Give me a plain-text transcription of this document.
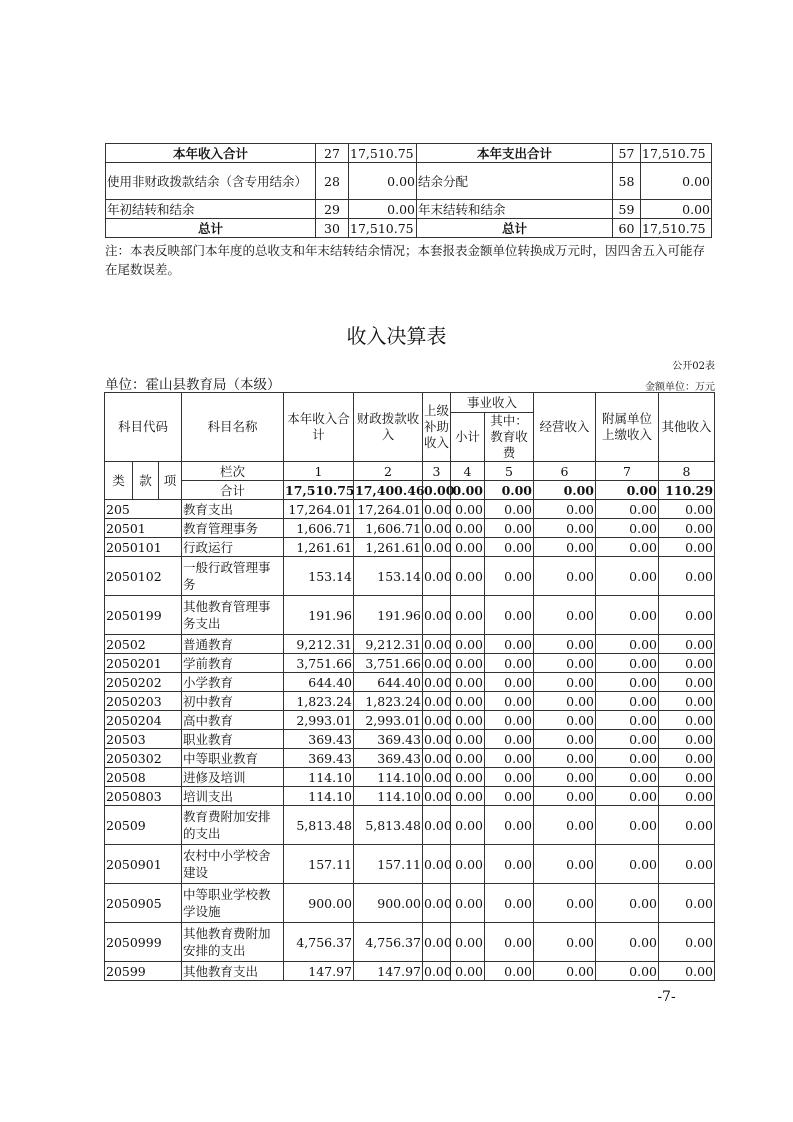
本年收入合计	27	17,510.75	本年支出合计	57	17,510.75
使用非财政拨款结余（含专用结余）	28	0.00	结余分配	58	0.00
年初结转和结余	29	0.00	年末结转和结余	59	0.00
总计	30	17,510.75	总计	60	17,510.75
注：本表反映部门本年度的总收支和年末结转结余情况；本套报表金额单位转换成万元时，因四舍五入可能存在尾数误差。
收入决算表
公开02表
单位：霍山县教育局（本级）	金额单位：万元
科目代码			科目名称	本年收入合计	财政拨款收入	上级补助收入	事业收入		经营收入	附属单位上缴收入	其他收入
							小计	其中：教育收费			
类	款	项	栏次	1	2	3	4	5	6	7	8
			合计	17,510.75	17,400.46	0.00	0.00	0.00	0.00	0.00	110.29
205			教育支出	17,264.01	17,264.01	0.00	0.00	0.00	0.00	0.00	0.00
20501			教育管理事务	1,606.71	1,606.71	0.00	0.00	0.00	0.00	0.00	0.00
2050101			行政运行	1,261.61	1,261.61	0.00	0.00	0.00	0.00	0.00	0.00
2050102			一般行政管理事务	153.14	153.14	0.00	0.00	0.00	0.00	0.00	0.00
2050199			其他教育管理事务支出	191.96	191.96	0.00	0.00	0.00	0.00	0.00	0.00
20502			普通教育	9,212.31	9,212.31	0.00	0.00	0.00	0.00	0.00	0.00
2050201			学前教育	3,751.66	3,751.66	0.00	0.00	0.00	0.00	0.00	0.00
2050202			小学教育	644.40	644.40	0.00	0.00	0.00	0.00	0.00	0.00
2050203			初中教育	1,823.24	1,823.24	0.00	0.00	0.00	0.00	0.00	0.00
2050204			高中教育	2,993.01	2,993.01	0.00	0.00	0.00	0.00	0.00	0.00
20503			职业教育	369.43	369.43	0.00	0.00	0.00	0.00	0.00	0.00
2050302			中等职业教育	369.43	369.43	0.00	0.00	0.00	0.00	0.00	0.00
20508			进修及培训	114.10	114.10	0.00	0.00	0.00	0.00	0.00	0.00
2050803			培训支出	114.10	114.10	0.00	0.00	0.00	0.00	0.00	0.00
20509			教育费附加安排的支出	5,813.48	5,813.48	0.00	0.00	0.00	0.00	0.00	0.00
2050901			农村中小学校舍建设	157.11	157.11	0.00	0.00	0.00	0.00	0.00	0.00
2050905			中等职业学校教学设施	900.00	900.00	0.00	0.00	0.00	0.00	0.00	0.00
2050999			其他教育费附加安排的支出	4,756.37	4,756.37	0.00	0.00	0.00	0.00	0.00	0.00
20599			其他教育支出	147.97	147.97	0.00	0.00	0.00	0.00	0.00	0.00
-7-
